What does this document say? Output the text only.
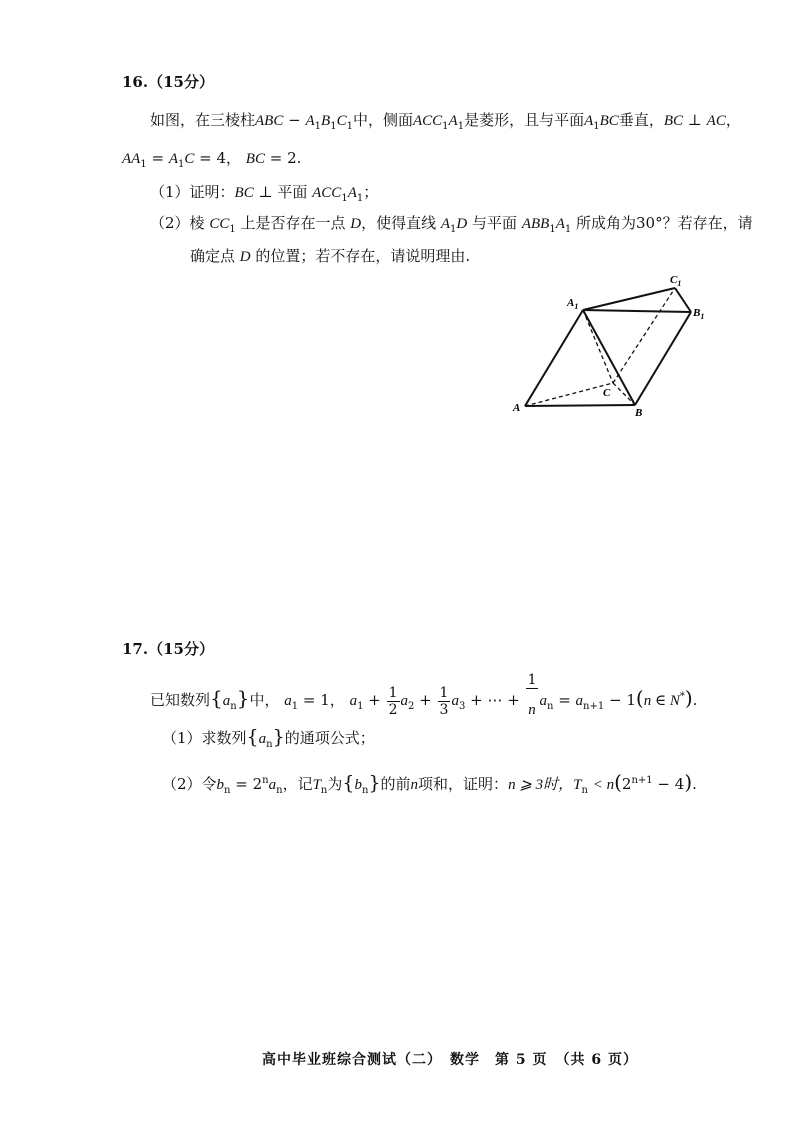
16.（15分）
如图，在三棱柱ABC − $A_1B_1C_1$中，侧面$ACC_1A_1$是菱形，且与平面$A_1BC$垂直，BC ⊥ AC，
$AA_1 = A_1C = 4$， BC = 2.
（1）证明：BC ⊥ 平面 $ACC_1A_1$；
（2）棱 $CC_1$ 上是否存在一点 D，使得直线 $A_1D$ 与平面 $ABB_1A_1$ 所成角为30°？若存在，请
确定点 D 的位置；若不存在，请说明理由.
$A_1$
$C_1$
$B_1$
A	B
C
17.（15分）
已知数列$\{a_n\}$中， $a_1 = 1$， $a_1 + \frac{1}{2} a_2 + \frac{1}{3} a_3$ + ⋯ + $\frac{1}{n}a_n = a_{n+1} - 1(n$ ∈ N*).
（1）求数列$\{a_n\}$的通项公式；
（2）令$b_n = 2^na_n$，记$T_n$为$\{b_n\}$的前n项和，证明：n ⩾ 3时，$T_n < n(2^{n+1} - 4)$.
高中毕业班综合测试（二）　数学　第 5 页　（共 6 页）
